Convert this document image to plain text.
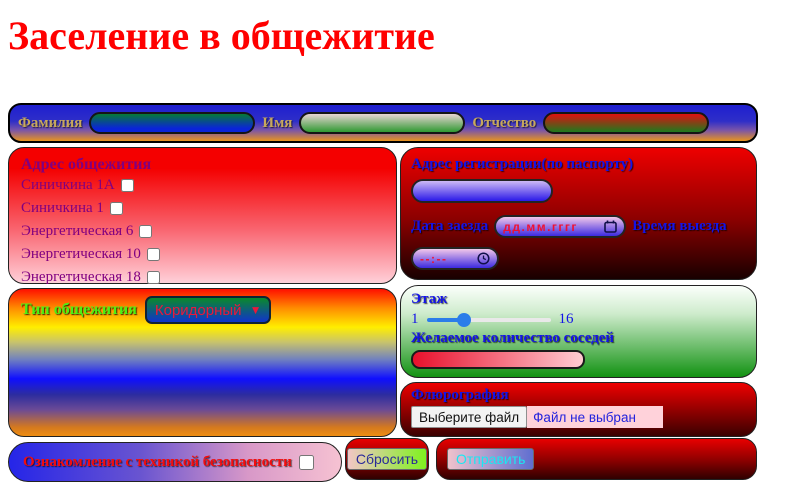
Заселение в общежитие
Фамилия	Имя	Отчество
Адрес общежития
Синичкина 1А
Синичкина 1
Энергетическая 6
Энергетическая 10
Энергетическая 18
Адрес регистрации(по паспорту)
Дата заезда дд.мм.гггг	Время выезда
--:--
Тип общежития Коридорный ▼
Этаж
1	16
Желаемое количество соседей
Флюрография
Выберите файл	Файл не выбран
Ознакомление с техникой безопасности	Сбросить	Отправить
